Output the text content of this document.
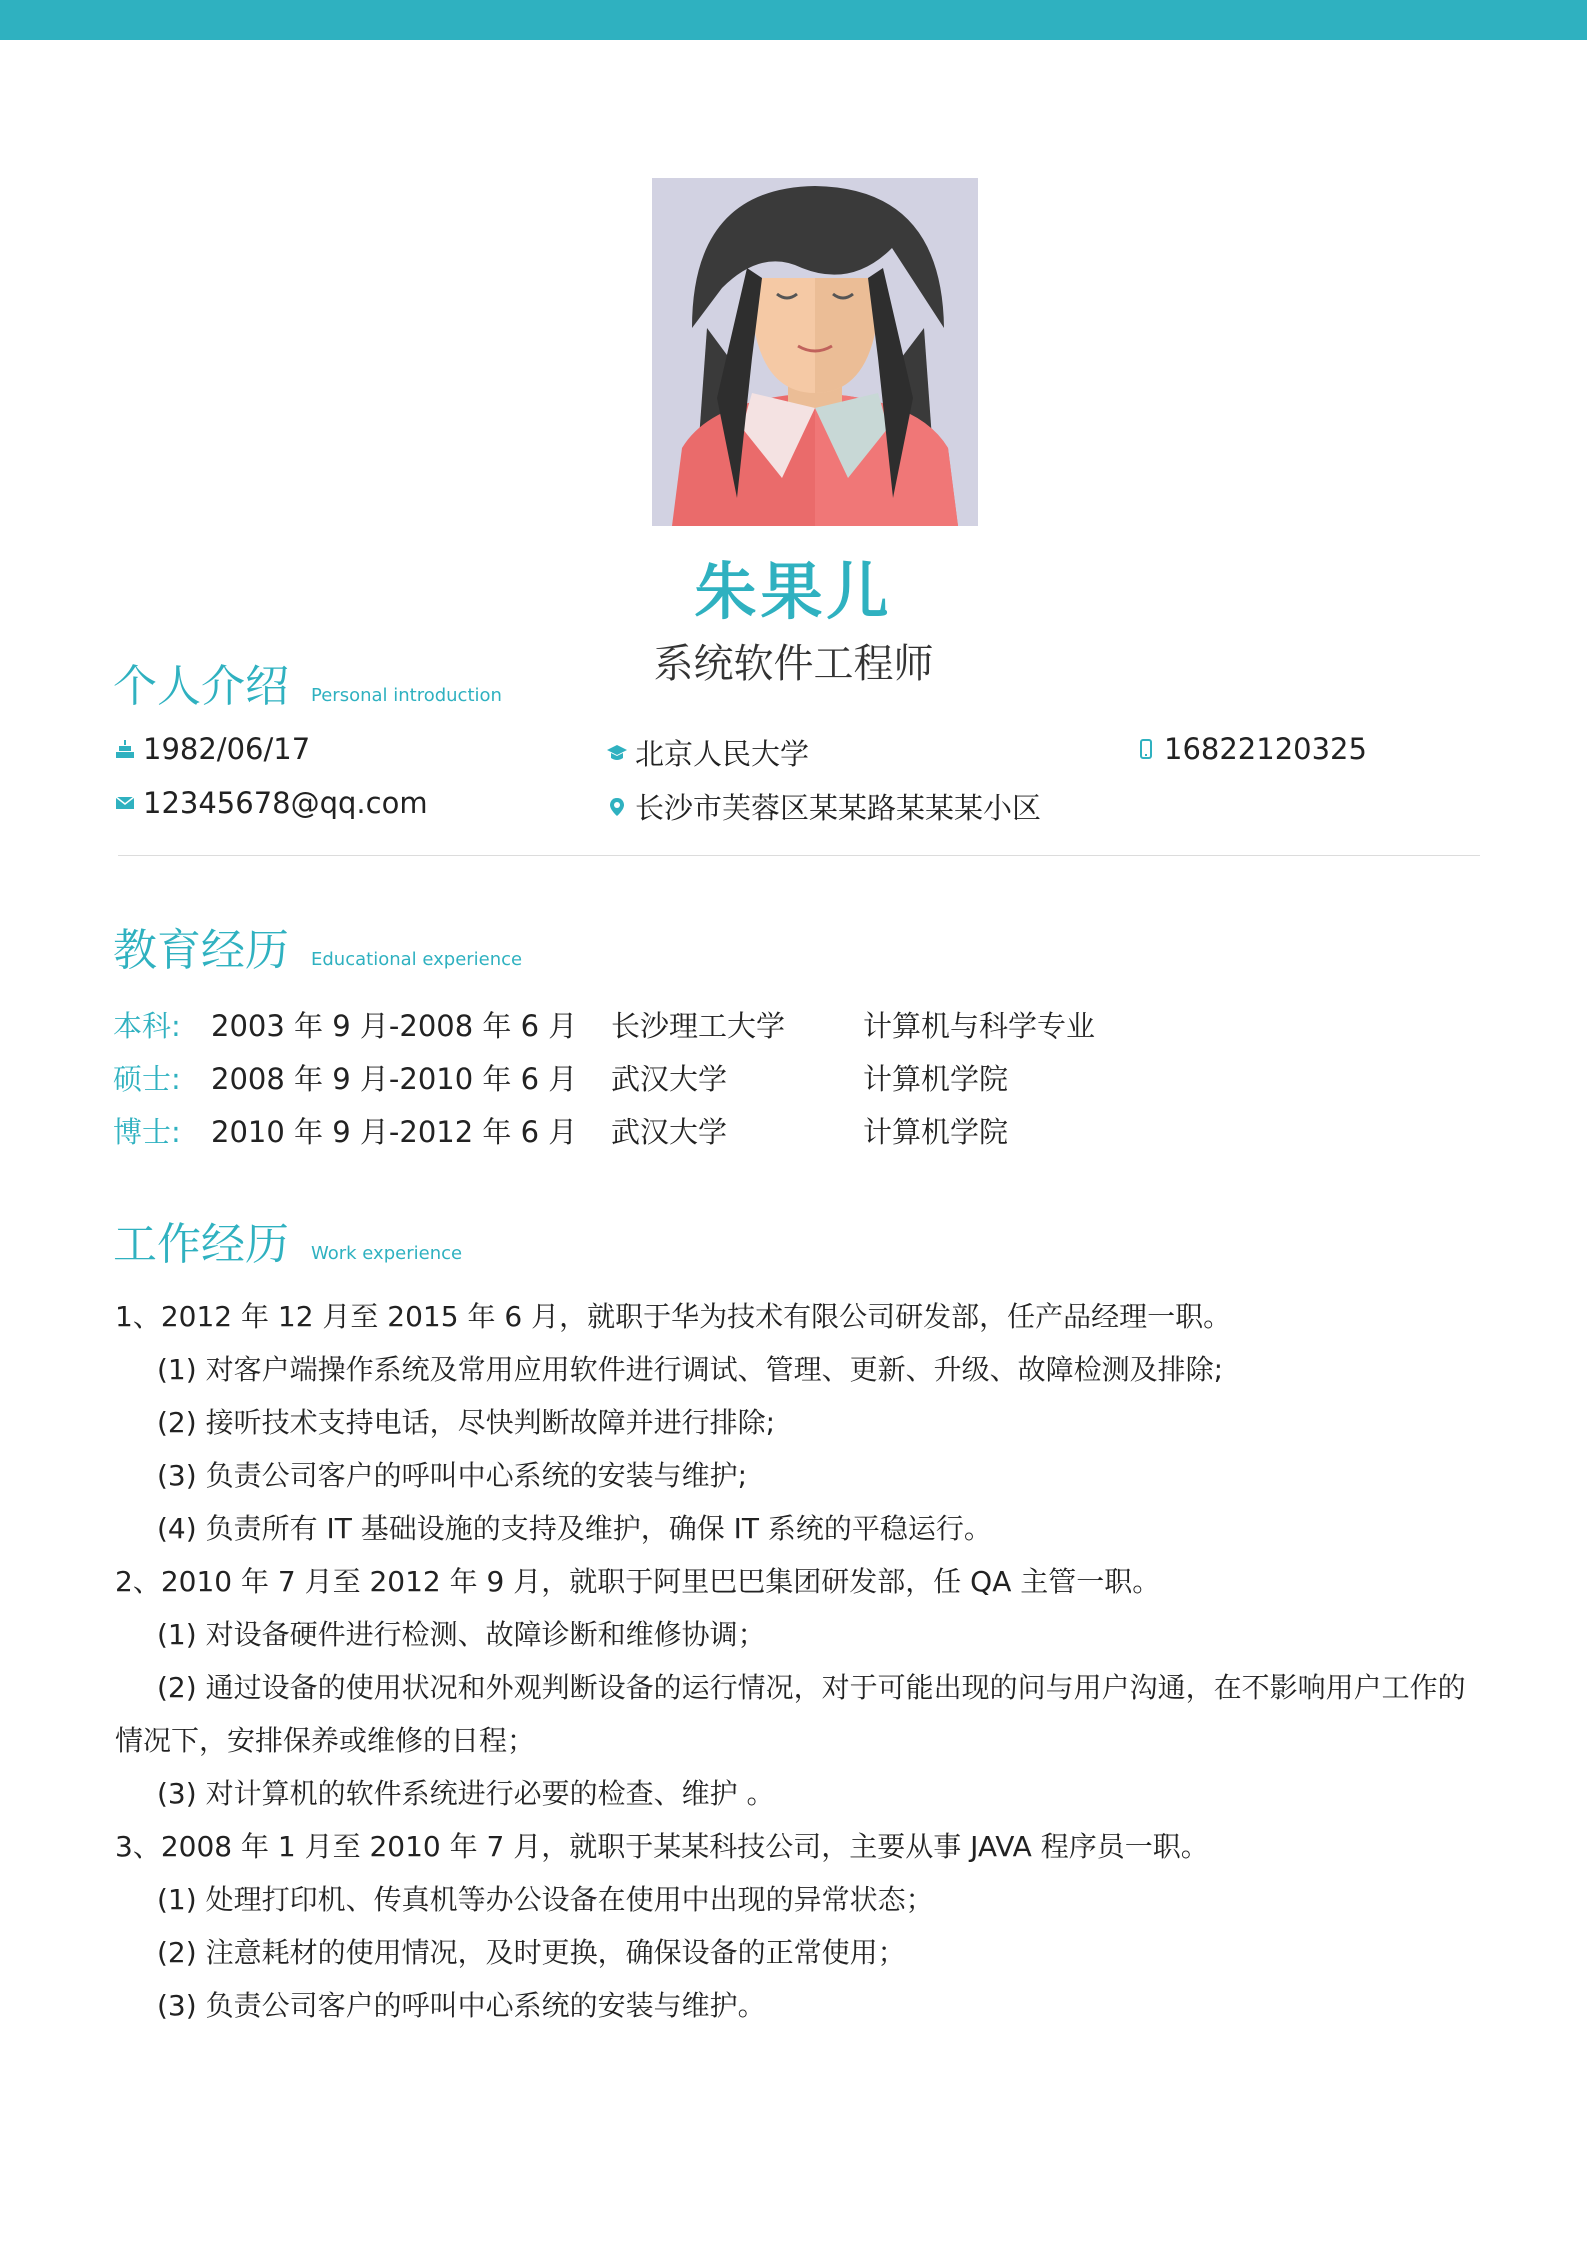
朱果儿
系统软件工程师
个人介绍 Personal introduction
1982/06/17	北京人民大学	16822120325
12345678@qq.com	长沙市芙蓉区某某路某某某小区
教育经历 Educational experience
本科: 2003 年 9 月-2008 年 6 月 长沙理工大学	计算机与科学专业
硕士: 2008 年 9 月-2010 年 6 月 武汉大学	计算机学院
博士: 2010 年 9 月-2012 年 6 月 武汉大学	计算机学院
工作经历 Work experience
1、2012 年 12 月至 2015 年 6 月，就职于华为技术有限公司研发部，任产品经理一职。
(1) 对客户端操作系统及常用应用软件进行调试、管理、更新、升级、故障检测及排除;
(2) 接听技术支持电话，尽快判断故障并进行排除;
(3) 负责公司客户的呼叫中心系统的安装与维护;
(4) 负责所有 IT 基础设施的支持及维护，确保 IT 系统的平稳运行。
2、2010 年 7 月至 2012 年 9 月，就职于阿里巴巴集团研发部，任 QA 主管一职。
(1) 对设备硬件进行检测、故障诊断和维修协调；
(2) 通过设备的使用状况和外观判断设备的运行情况，对于可能出现的问与用户沟通，在不影响用户工作的情况下，安排保养或维修的日程；
(3) 对计算机的软件系统进行必要的检查、维护 。
3、2008 年 1 月至 2010 年 7 月，就职于某某科技公司，主要从事 JAVA 程序员一职。
(1) 处理打印机、传真机等办公设备在使用中出现的异常状态；
(2) 注意耗材的使用情况，及时更换，确保设备的正常使用；
(3) 负责公司客户的呼叫中心系统的安装与维护。
